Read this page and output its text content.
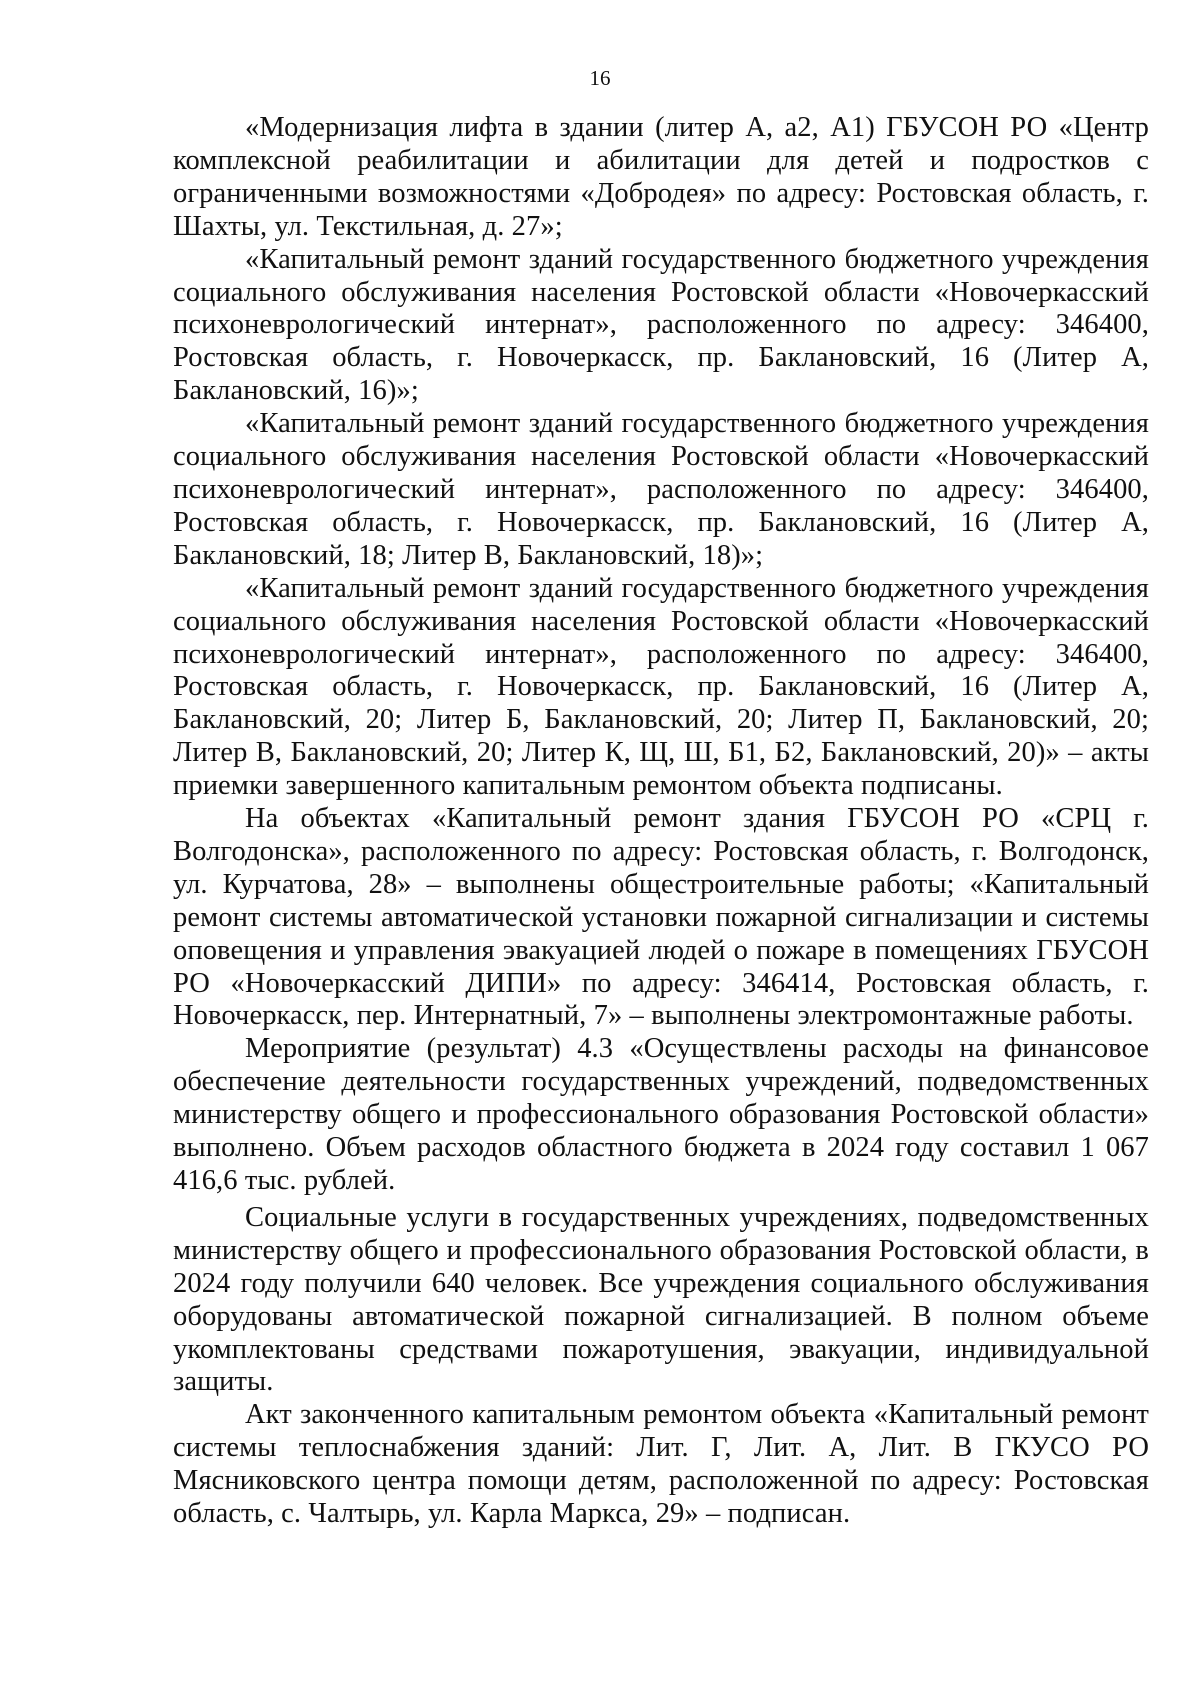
16

«Модернизация лифта в здании (литер А, а2, А1) ГБУСОН РО «Центр комплексной реабилитации и абилитации для детей и подростков с ограниченными возможностями «Добродея» по адресу: Ростовская область, г. Шахты, ул. Текстильная, д. 27»;

«Капитальный ремонт зданий государственного бюджетного учреждения социального обслуживания населения Ростовской области «Новочеркасский психоневрологический интернат», расположенного по адресу: 346400, Ростовская область, г. Новочеркасск, пр. Баклановский, 16 (Литер А, Баклановский, 16)»;

«Капитальный ремонт зданий государственного бюджетного учреждения социального обслуживания населения Ростовской области «Новочеркасский психоневрологический интернат», расположенного по адресу: 346400, Ростовская область, г. Новочеркасск, пр. Баклановский, 16 (Литер А, Баклановский, 18; Литер В, Баклановский, 18)»;

«Капитальный ремонт зданий государственного бюджетного учреждения социального обслуживания населения Ростовской области «Новочеркасский психоневрологический интернат», расположенного по адресу: 346400, Ростовская область, г. Новочеркасск, пр. Баклановский, 16 (Литер А, Баклановский, 20; Литер Б, Баклановский, 20; Литер П, Баклановский, 20; Литер В, Баклановский, 20; Литер К, Щ, Ш, Б1, Б2, Баклановский, 20)» – акты приемки завершенного капитальным ремонтом объекта подписаны.

На объектах «Капитальный ремонт здания ГБУСОН РО «СРЦ г. Волгодонска», расположенного по адресу: Ростовская область, г. Волгодонск, ул. Курчатова, 28» – выполнены общестроительные работы; «Капитальный ремонт системы автоматической установки пожарной сигнализации и системы оповещения и управления эвакуацией людей о пожаре в помещениях ГБУСОН РО «Новочеркасский ДИПИ» по адресу: 346414, Ростовская область, г. Новочеркасск, пер. Интернатный, 7» – выполнены электромонтажные работы.

Мероприятие (результат) 4.3 «Осуществлены расходы на финансовое обеспечение деятельности государственных учреждений, подведомственных министерству общего и профессионального образования Ростовской области» выполнено. Объем расходов областного бюджета в 2024 году составил 1 067 416,6 тыс. рублей.

Социальные услуги в государственных учреждениях, подведомственных министерству общего и профессионального образования Ростовской области, в 2024 году получили 640 человек. Все учреждения социального обслуживания оборудованы автоматической пожарной сигнализацией. В полном объеме укомплектованы средствами пожаротушения, эвакуации, индивидуальной защиты.

Акт законченного капитальным ремонтом объекта «Капитальный ремонт системы теплоснабжения зданий: Лит. Г, Лит. А, Лит. В ГКУСО РО Мясниковского центра помощи детям, расположенной по адресу: Ростовская область, с. Чалтырь, ул. Карла Маркса, 29» – подписан.
